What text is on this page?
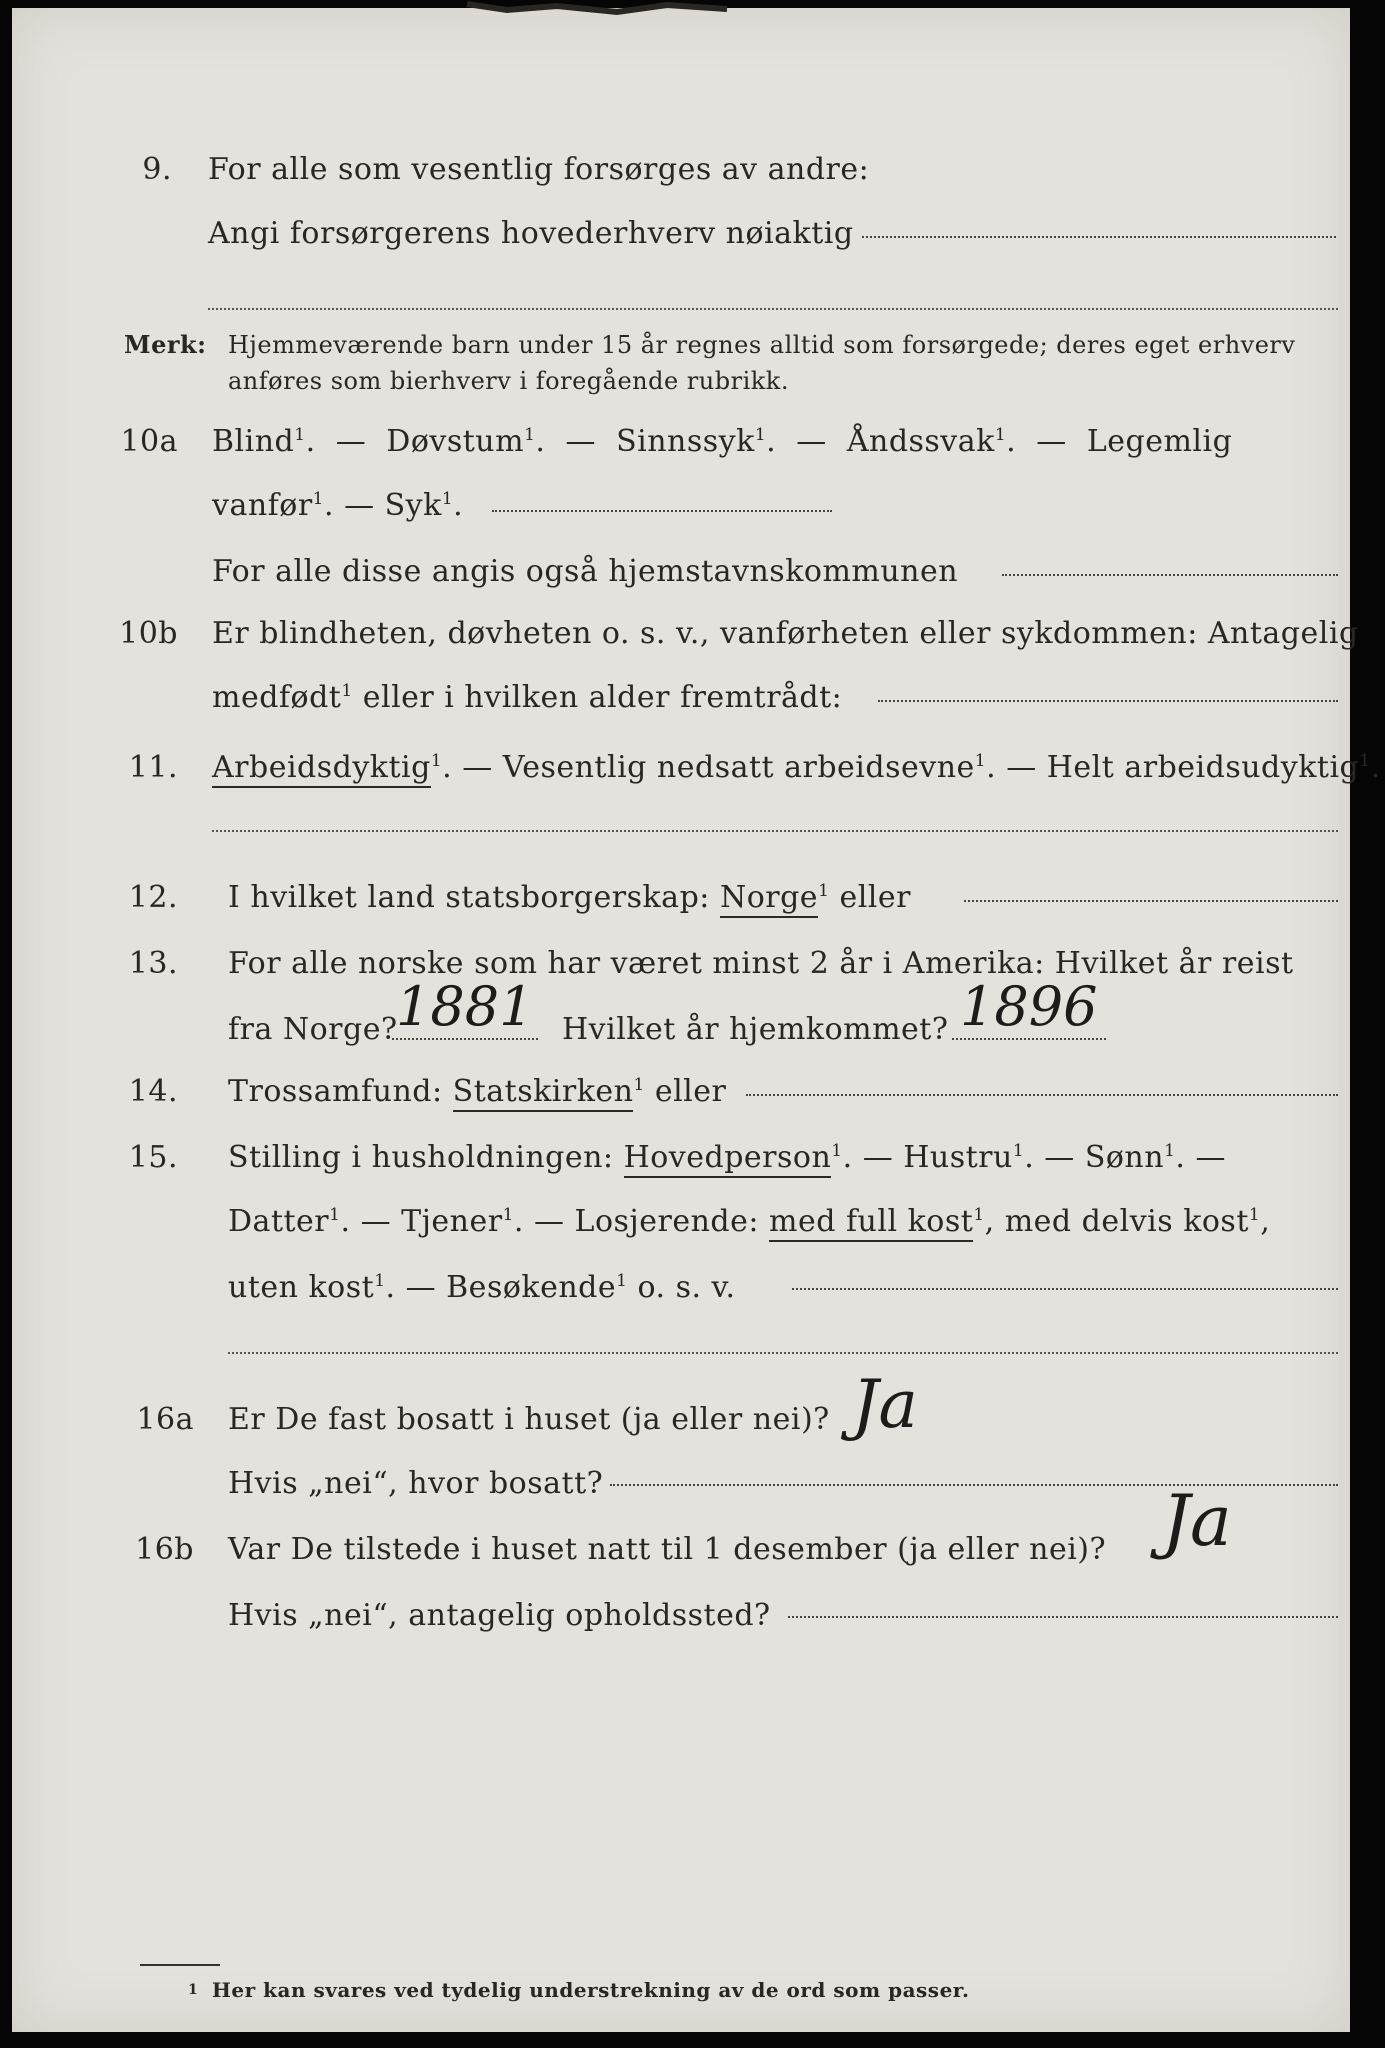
9. For alle som vesentlig forsørges av andre:
Angi forsørgerens hovederhverv nøiaktig
Merk: Hjemmeværende barn under 15 år regnes alltid som forsørgede; deres eget erhverv
anføres som bierhverv i foregående rubrikk.
10a Blind$^1$.  — Døvstum$^1$.  — Sinnssyk$^1$.  — Åndssvak$^1$.  — Legemlig
vanfør$^1$. — Syk$^1$.
For alle disse angis også hjemstavnskommunen
10b Er blindheten, døvheten o. s. v., vanførheten eller sykdommen: Antagelig
medfødt$^1$ eller i hvilken alder fremtrådt:
11. Arbeidsdyktig$^1$. — Vesentlig nedsatt arbeidsevne$^1$. — Helt arbeidsudyktig$^1$.
12. I hvilket land statsborgerskap: Norge$^1$ eller
13. For alle norske som har været minst 2 år i Amerika: Hvilket år reist
fra Norge?	Hvilket år hjemkommet?
1881	1896
14. Trossamfund: Statskirken$^1$ eller
15. Stilling i husholdningen: Hovedperson$^1$. — Hustru$^1$. — Sønn$^1$. —
Datter$^1$. — Tjener$^1$. — Losjerende: med full kost$^1$, med delvis kost$^1$,
uten kost$^1$. — Besøkende$^1$ o. s. v.
16a Er De fast bosatt i huset (ja eller nei)? Ja
Hvis „nei“, hvor bosatt?
16b Var De tilstede i huset natt til 1 desember (ja eller nei)? Ja
Hvis „nei“, antagelig opholdssted?
1 Her kan svares ved tydelig understrekning av de ord som passer.
